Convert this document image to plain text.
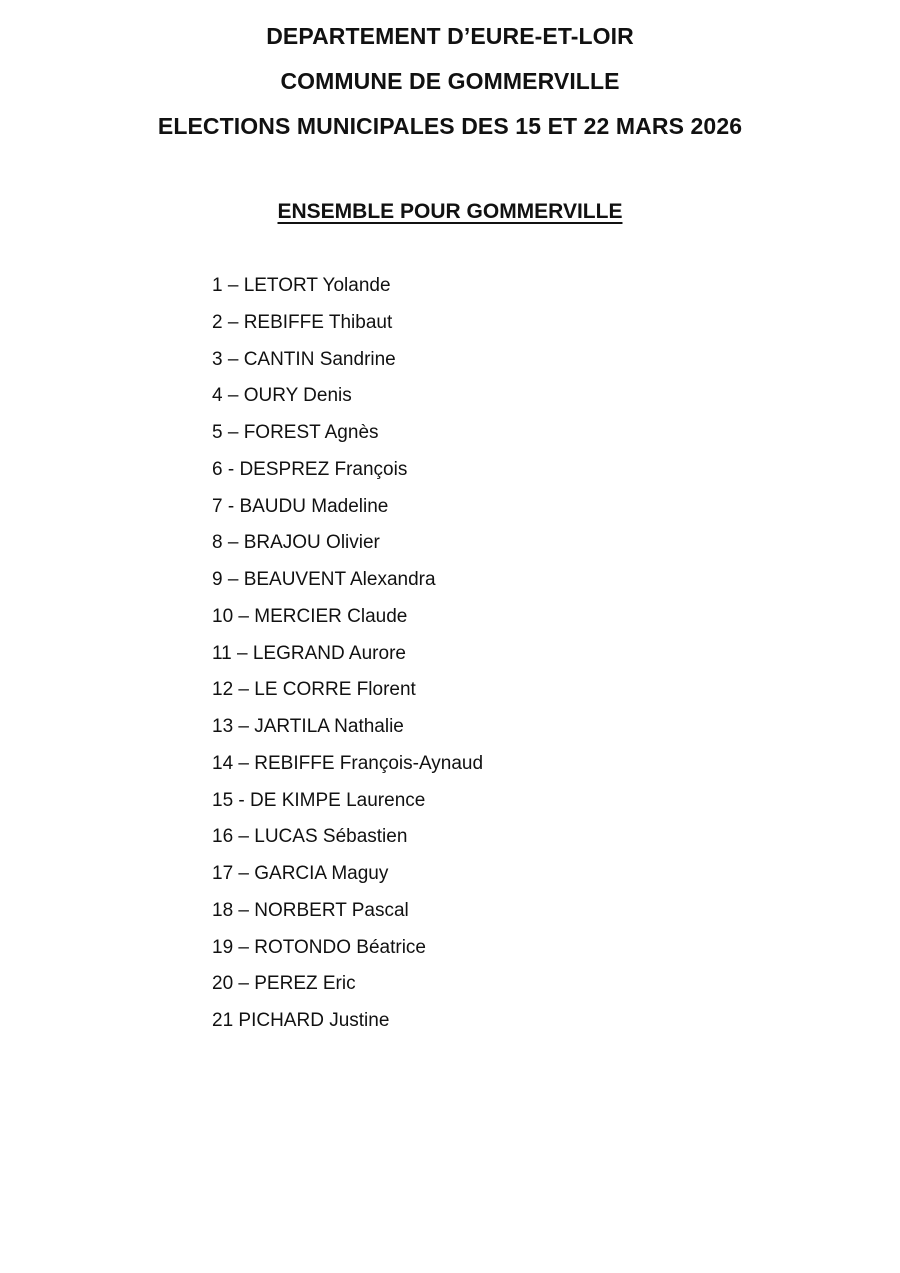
DEPARTEMENT D’EURE-ET-LOIR
COMMUNE DE GOMMERVILLE
ELECTIONS MUNICIPALES DES 15 ET 22 MARS 2026
ENSEMBLE POUR GOMMERVILLE
1 – LETORT Yolande
2 – REBIFFE Thibaut
3 – CANTIN Sandrine
4 – OURY Denis
5 – FOREST Agnès
6 - DESPREZ François
7 - BAUDU Madeline
8 – BRAJOU Olivier
9 – BEAUVENT Alexandra
10 – MERCIER Claude
11 – LEGRAND Aurore
12 – LE CORRE Florent
13 – JARTILA Nathalie
14 – REBIFFE François-Aynaud
15 - DE KIMPE Laurence
16 – LUCAS Sébastien
17 – GARCIA Maguy
18 – NORBERT Pascal
19 – ROTONDO Béatrice
20 – PEREZ Eric
21 PICHARD Justine
